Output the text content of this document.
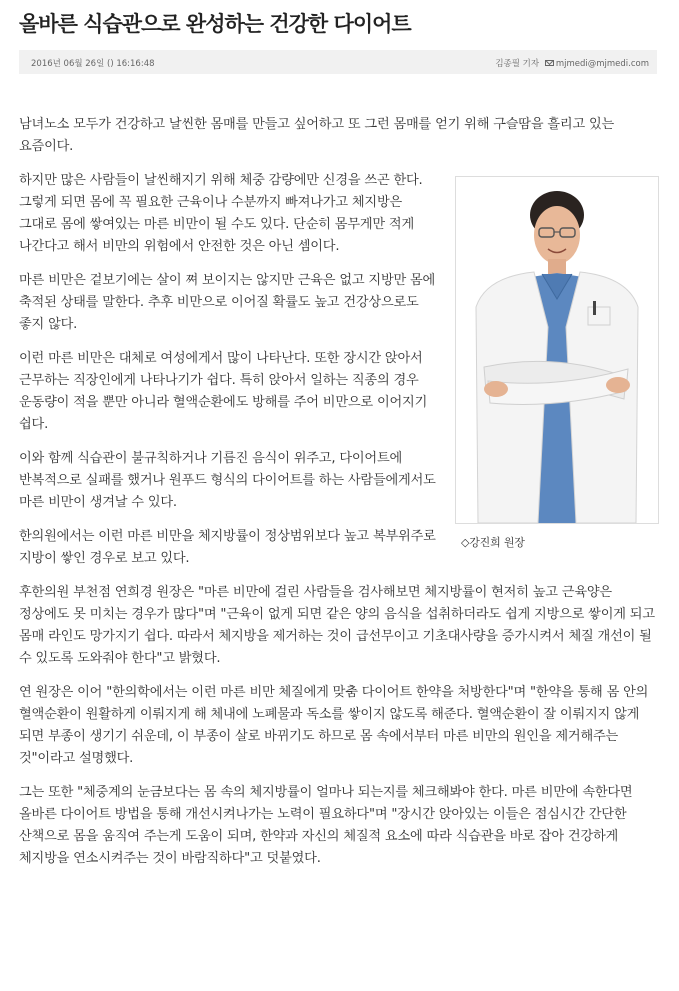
올바른 식습관으로 완성하는 건강한 다이어트
2016년 06월 26일 () 16:16:48	김종필 기자 mjmedi@mjmedi.com

남녀노소 모두가 건강하고 날씬한 몸매를 만들고 싶어하고 또 그런 몸매를 얻기 위해 구슬땀을 흘리고 있는 요즘이다.

◇강진희 원장

하지만 많은 사람들이 날씬해지기 위해 체중 감량에만 신경을 쓰곤 한다. 그렇게 되면 몸에 꼭 필요한 근육이나 수분까지 빠져나가고 체지방은 그대로 몸에 쌓여있는 마른 비만이 될 수도 있다. 단순히 몸무게만 적게 나간다고 해서 비만의 위험에서 안전한 것은 아닌 셈이다.

마른 비만은 겉보기에는 살이 쪄 보이지는 않지만 근육은 없고 지방만 몸에 축적된 상태를 말한다. 추후 비만으로 이어질 확률도 높고 건강상으로도 좋지 않다.

이런 마른 비만은 대체로 여성에게서 많이 나타난다. 또한 장시간 앉아서 근무하는 직장인에게 나타나기가 쉽다. 특히 앉아서 일하는 직종의 경우 운동량이 적을 뿐만 아니라 혈액순환에도 방해를 주어 비만으로 이어지기 쉽다.

이와 함께 식습관이 불규칙하거나 기름진 음식이 위주고, 다이어트에 반복적으로 실패를 했거나 원푸드 형식의 다이어트를 하는 사람들에게서도 마른 비만이 생겨날 수 있다.

한의원에서는 이런 마른 비만을 체지방률이 정상범위보다 높고 복부위주로 지방이 쌓인 경우로 보고 있다.

후한의원 부천점 연희경 원장은 "마른 비만에 걸린 사람들을 검사해보면 체지방률이 현저히 높고 근육양은 정상에도 못 미치는 경우가 많다"며 "근육이 없게 되면 같은 양의 음식을 섭취하더라도 쉽게 지방으로 쌓이게 되고 몸매 라인도 망가지기 쉽다. 따라서 체지방을 제거하는 것이 급선무이고 기초대사량을 증가시켜서 체질 개선이 될 수 있도록 도와줘야 한다"고 밝혔다.

연 원장은 이어 "한의학에서는 이런 마른 비만 체질에게 맞춤 다이어트 한약을 처방한다"며 "한약을 통해 몸 안의 혈액순환이 원활하게 이뤄지게 해 체내에 노폐물과 독소를 쌓이지 않도록 해준다. 혈액순환이 잘 이뤄지지 않게 되면 부종이 생기기 쉬운데, 이 부종이 살로 바뀌기도 하므로 몸 속에서부터 마른 비만의 원인을 제거해주는 것"이라고 설명했다.

그는 또한 "체중계의 눈금보다는 몸 속의 체지방률이 얼마나 되는지를 체크해봐야 한다. 마른 비만에 속한다면 올바른 다이어트 방법을 통해 개선시켜나가는 노력이 필요하다"며 "장시간 앉아있는 이들은 점심시간 간단한 산책으로 몸을 움직여 주는게 도움이 되며, 한약과 자신의 체질적 요소에 따라 식습관을 바로 잡아 건강하게 체지방을 연소시켜주는 것이 바람직하다"고 덧붙였다.
